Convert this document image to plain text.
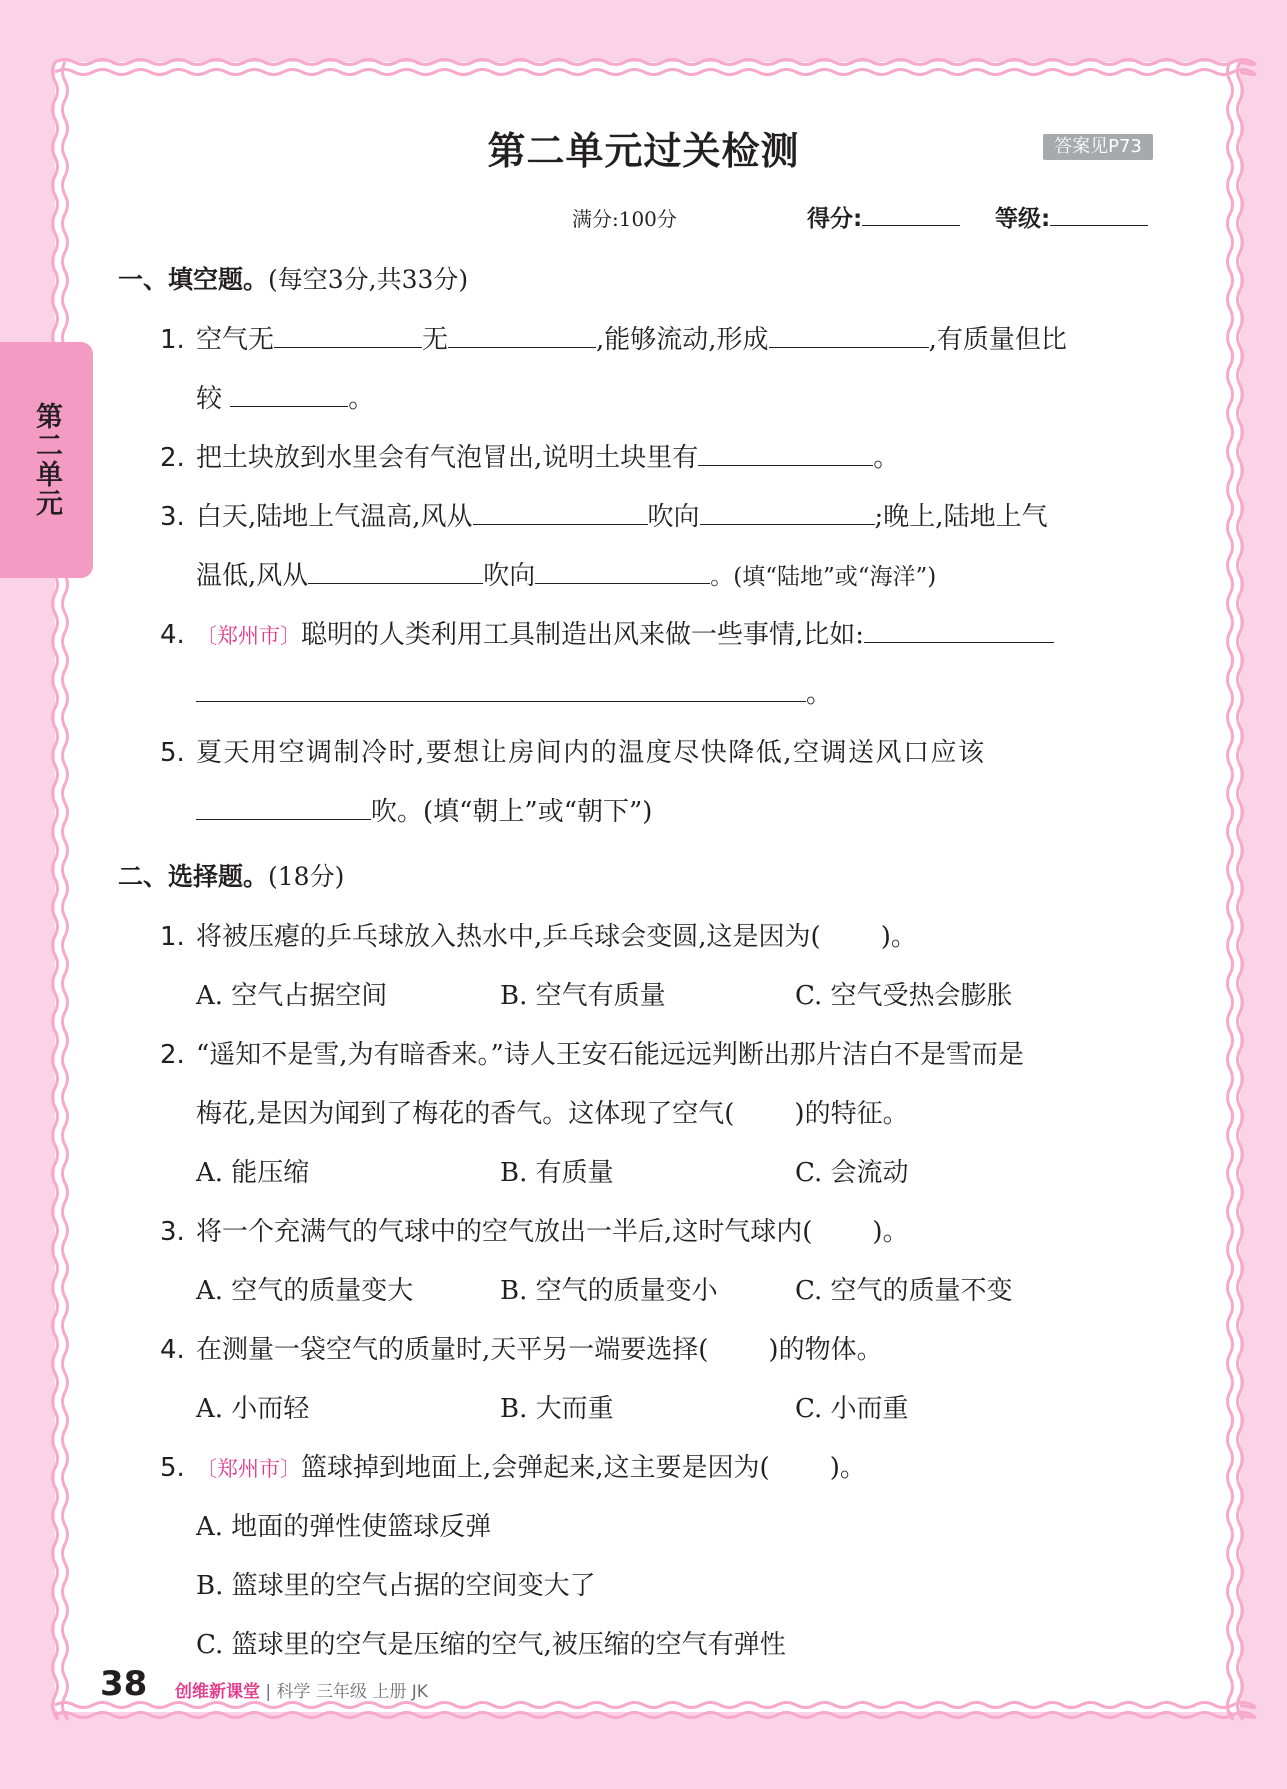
第二单元
第二单元过关检测	答案见P73
满分:100分	得分:	等级:
一、填空题。(每空3分,共33分)
1. 空气无	无	,能够流动,形成	,有质量但比
较	。
2. 把土块放到水里会有气泡冒出,说明土块里有	。
3. 白天,陆地上气温高,风从	吹向	;晚上,陆地上气
温低,风从	吹向	。(填“陆地”或“海洋”)
4. 〔郑州市〕聪明的人类利用工具制造出风来做一些事情,比如:
。
5. 夏天用空调制冷时,要想让房间内的温度尽快降低,空调送风口应该
吹。(填“朝上”或“朝下”)
二、选择题。(18分)
1. 将被压瘪的乒乓球放入热水中,乒乓球会变圆,这是因为( )。
A. 空气占据空间	B. 空气有质量	C. 空气受热会膨胀
2. “遥知不是雪,为有暗香来。”诗人王安石能远远判断出那片洁白不是雪而是
梅花,是因为闻到了梅花的香气。这体现了空气( )的特征。
A. 能压缩	B. 有质量	C. 会流动
3. 将一个充满气的气球中的空气放出一半后,这时气球内( )。
A. 空气的质量变大	B. 空气的质量变小	C. 空气的质量不变
4. 在测量一袋空气的质量时,天平另一端要选择( )的物体。
A. 小而轻	B. 大而重	C. 小而重
5. 〔郑州市〕篮球掉到地面上,会弹起来,这主要是因为( )。
A. 地面的弹性使篮球反弹
B. 篮球里的空气占据的空间变大了
C. 篮球里的空气是压缩的空气,被压缩的空气有弹性
38 创维新课堂 | 科学 三年级 上册 JK
